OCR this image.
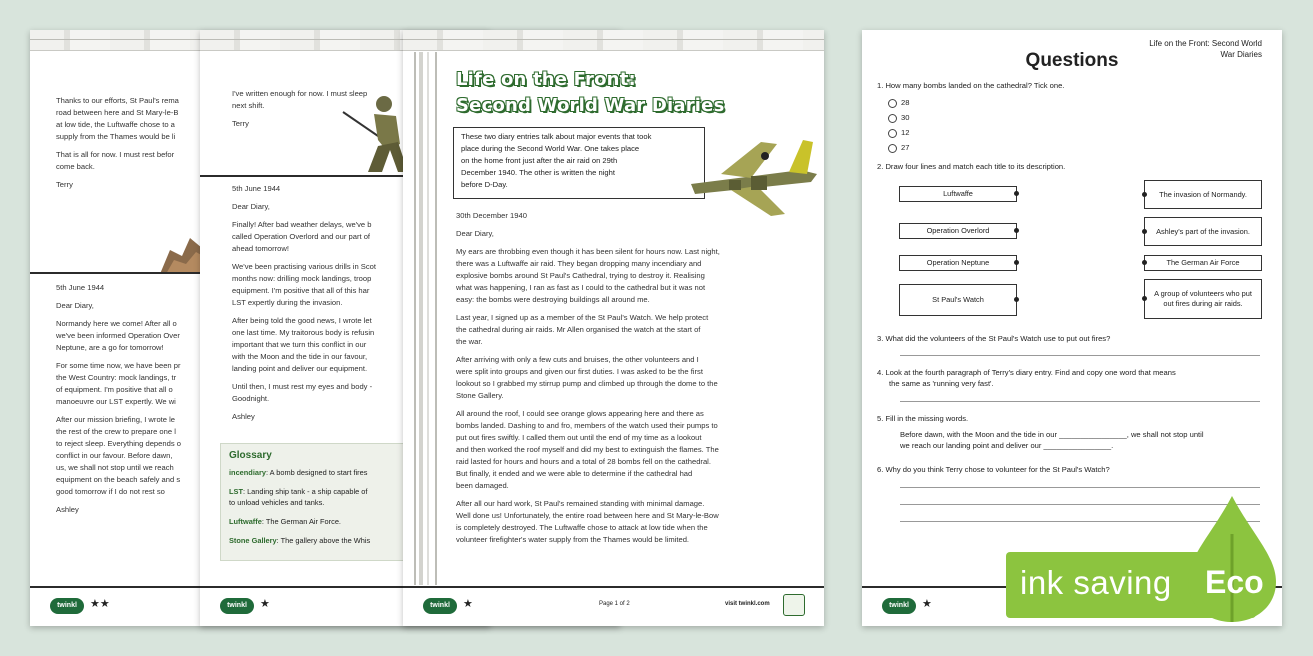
Thanks to our efforts, St Paul's rema
road between here and St Mary-le-B
at low tide, the Luftwaffe chose to a
supply from the Thames would be li
That is all for now. I must rest befor
come back.
Terry

5th June 1944

Dear Diary,

Normandy here we come! After all o
we've been informed Operation Over
Neptune, are a go for tomorrow!

For some time now, we have been pr
the West Country: mock landings, tr
of equipment. I'm positive that all o
manoeuvre our LST expertly. We wi

After our mission briefing, I wrote le
the rest of the crew to prepare one l
to reject sleep. Everything depends o
conflict in our favour. Before dawn,
us, we shall not stop until we reach
equipment on the beach safely and s
good tomorrow if I do not rest so

Ashley

twinkl	★★
I've written enough for now. I must sleep
next shift.
Terry

5th June 1944

Dear Diary,

Finally! After bad weather delays, we've b
called Operation Overlord and our part of
ahead tomorrow!

We've been practising various drills in Scot
months now: drilling mock landings, troop
equipment. I'm positive that all of this har
LST expertly during the invasion.

After being told the good news, I wrote let
one last time. My traitorous body is refusin
important that we turn this conflict in our
with the Moon and the tide in our favour,
landing point and deliver our equipment.

Until then, I must rest my eyes and body -
Goodnight.

Ashley

Glossary

incendiary: A bomb designed to start fires

LST: Landing ship tank - a ship capable of
to unload vehicles and tanks.

Luftwaffe: The German Air Force.

Stone Gallery: The gallery above the Whis

twinkl	★
Life on the Front:
Second World War Diaries
These two diary entries talk about major events that took
place during the Second World War. One takes place
on the home front just after the air raid on 29th
December 1940. The other is written the night
before D-Day.

30th December 1940

Dear Diary,

My ears are throbbing even though it has been silent for hours now. Last night,
there was a Luftwaffe air raid. They began dropping many incendiary and
explosive bombs around St Paul's Cathedral, trying to destroy it. Realising
what was happening, I ran as fast as I could to the cathedral but it was not
easy: the bombs were destroying buildings all around me.

Last year, I signed up as a member of the St Paul's Watch. We help protect
the cathedral during air raids. Mr Allen organised the watch at the start of
the war.

After arriving with only a few cuts and bruises, the other volunteers and I
were split into groups and given our first duties. I was asked to be the first
lookout so I grabbed my stirrup pump and climbed up through the dome to the
Stone Gallery.

All around the roof, I could see orange glows appearing here and there as
bombs landed. Dashing to and fro, members of the watch used their pumps to
put out fires swiftly. I called them out until the end of my time as a lookout
and then worked the roof myself and did my best to extinguish the flames. The
raid lasted for hours and hours and a total of 28 bombs fell on the cathedral.
But finally, it ended and we were able to determine if the cathedral had
been damaged.

After all our hard work, St Paul's remained standing with minimal damage.
Well done us! Unfortunately, the entire road between here and St Mary-le-Bow
is completely destroyed. The Luftwaffe chose to attack at low tide when the
volunteer firefighter's water supply from the Thames would be limited.

twinkl	★	Page 1 of 2	visit twinkl.com
Life on the Front: Second World
War Diaries
Questions
1. How many bombs landed on the cathedral? Tick one.
28
30
12
27
2. Draw four lines and match each title to its description.
Luftwaffe
Operation Overlord
Operation Neptune
St Paul's Watch
The invasion of Normandy.
Ashley's part of the invasion.
The German Air Force
A group of volunteers who put out fires during air raids.
3. What did the volunteers of the St Paul's Watch use to put out fires?
4. Look at the fourth paragraph of Terry's diary entry. Find and copy one word that means
the same as 'running very fast'.
5. Fill in the missing words.
Before dawn, with the Moon and the tide in our ________________, we shall not stop until
we reach our landing point and deliver our ________________.
6. Why do you think Terry chose to volunteer for the St Paul's Watch?
twinkl	★
ink saving Eco
